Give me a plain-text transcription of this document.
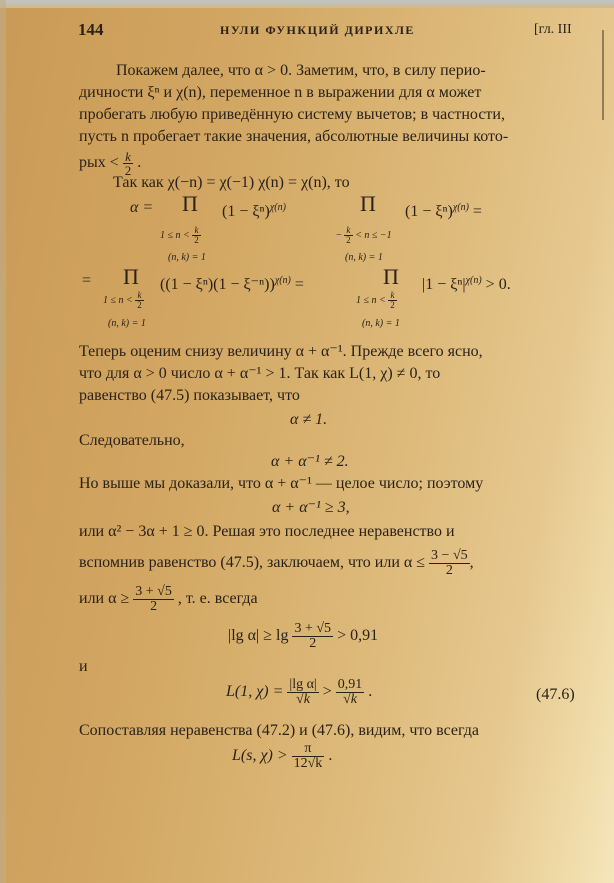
144	НУЛИ ФУНКЦИЙ ДИРИХЛЕ	[гл. III
Покажем далее, что α > 0. Заметим, что, в силу перио-
дичности ξⁿ и χ(n), переменное n в выражении для α может
пробегать любую приведённую систему вычетов; в частности,
пусть n пробегает такие значения, абсолютные величины кото-
рых < $\frac{k}{2}$ .
Так как χ(−n) = χ(−1) χ(n) = χ(n), то
α = Π $(1 - \xi^n)^{\chi(n)}$	Π $(1 - \xi^n)^{\chi(n)}$ =
$1 \le n < \frac{k}{2}$
(n, k) = 1
− $\frac{k}{2} < n \le -1$
(n, k) = 1
= Π $((1 - \xi^n)(1 - \xi^{-n}))^{\chi(n)}$ =	Π $|1 - \xi^n|^{\chi(n)} > 0$.
$1 \le n < \frac{k}{2}$
(n, k) = 1
$1 \le n < \frac{k}{2}$
(n, k) = 1
Теперь оценим снизу величину α + α⁻¹. Прежде всего ясно,
что для α > 0 число α + α⁻¹ > 1. Так как L(1, χ) ≠ 0, то
равенство (47.5) показывает, что
α ≠ 1.
Следовательно,
α + α⁻¹ ≠ 2.
Но выше мы доказали, что α + α⁻¹ — целое число; поэтому
α + α⁻¹ ≥ 3,
или α² − 3α + 1 ≥ 0. Решая это последнее неравенство и
вспомнив равенство (47.5), заключаем, что или $\alpha \le \frac{3 - √5}{2}$ ,
или $\alpha \ge \frac{3 + √5}{2}$ , т. е. всегда
|lg $\alpha| \ge \lg \frac{3 + √5}{2} > 0,91$
и
L(1, $\chi) = \frac{\text{|lg α|}}{√k} > \frac{0,91}{√k}$ .	(47.6)
Сопоставляя неравенства (47.2) и (47.6), видим, что всегда
L(s, $\chi) > \frac{\pi}{12√k}$ .
